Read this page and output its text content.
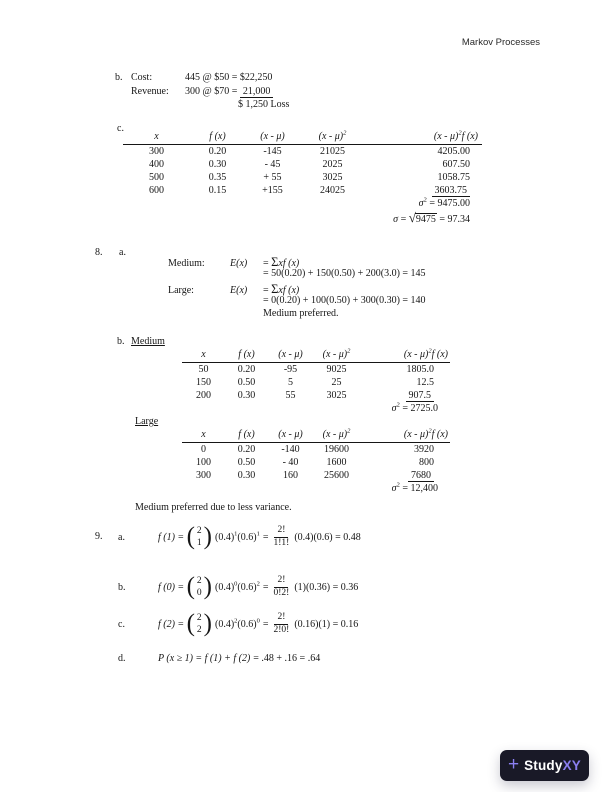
Markov Processes
b. Cost:	445 @ $50 = $22,250
Revenue:	300 @ $70 = 21,000
$ 1,250 Loss
c.
x	f (x)	(x - μ)	(x - μ)$^2$	(x - μ)$^2$f (x)
300	0.20	-145	21025	4205.00
400	0.30	- 45	2025	607.50
500	0.35	+ 55	3025	1058.75
600	0.15	+155	24025	3603.75
$\sigma^2 = 9475.00$
σ = √9475 = 97.34
8. a.
Medium:	E(x)	= Σxf (x)
= 50(0.20) + 150(0.50) + 200(3.0) = 145
Large:	E(x)	= Σxf (x)
= 0(0.20) + 100(0.50) + 300(0.30) = 140
Medium preferred.
b. Medium
x	f (x)	(x - μ)	(x - μ)$^2$	(x - μ)$^2$f (x)
50	0.20	-95	9025	1805.0
150	0.50	5	25	12.5
200	0.30	55	3025	907.5
$\sigma^2 = 2725.0$
Large
x	f (x)	(x - μ)	(x - μ)$^2$	(x - μ)$^2$f (x)
0	0.20	-140	19600	3920
100	0.50	- 40	1600	800
300	0.30	160	25600	7680
$\sigma^2 = 12,400$
Medium preferred due to less variance.
9. a.	f (1) = ( 2
1 ) $(0.4)^1(0.6)^1 = \frac{2!}{1!1!} (0.4)(0.6) = 0.48$
b.	f (0) = ( 2
0 ) $(0.4)^0(0.6)^2 = \frac{2!}{0!2!} (1)(0.36) = 0.36$
c.	f (2) = ( 2
2 ) $(0.4)^2(0.6)^0 = \frac{2!}{2!0!} (0.16)(1) = 0.16$
d.	P (x ≥ 1) = f (1) + f (2) = .48 + .16 = .64
+ StudyXY
